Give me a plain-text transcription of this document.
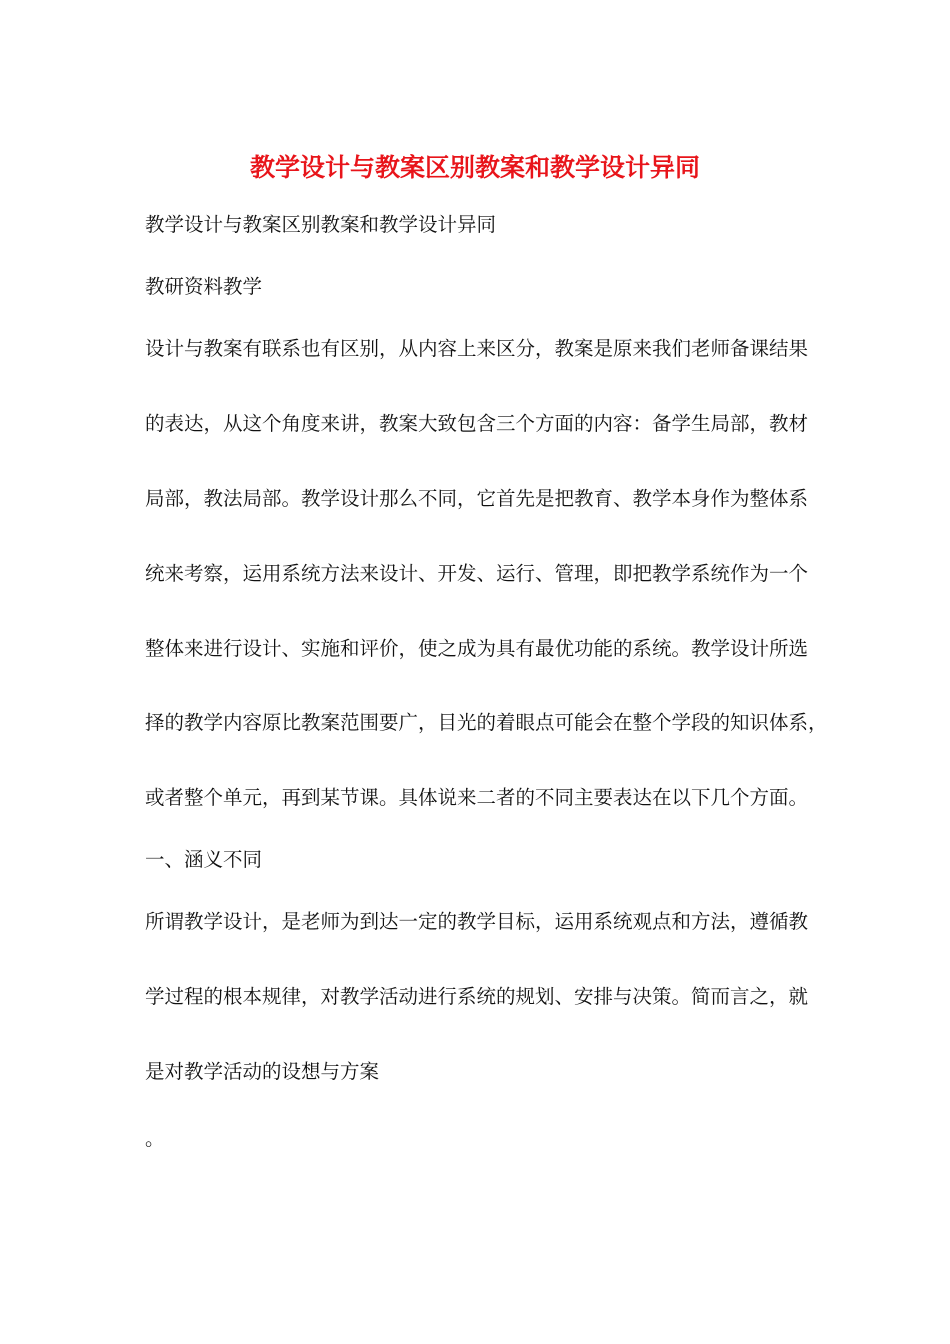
教学设计与教案区别教案和教学设计异同

教学设计与教案区别教案和教学设计异同

教研资料教学

设计与教案有联系也有区别，从内容上来区分，教案是原来我们老师备课结果

的表达，从这个角度来讲，教案大致包含三个方面的内容：备学生局部，教材

局部，教法局部。教学设计那么不同，它首先是把教育、教学本身作为整体系

统来考察，运用系统方法来设计、开发、运行、管理，即把教学系统作为一个

整体来进行设计、实施和评价，使之成为具有最优功能的系统。教学设计所选

择的教学内容原比教案范围要广，目光的着眼点可能会在整个学段的知识体系，

或者整个单元，再到某节课。具体说来二者的不同主要表达在以下几个方面。

一、涵义不同

所谓教学设计，是老师为到达一定的教学目标，运用系统观点和方法，遵循教

学过程的根本规律，对教学活动进行系统的规划、安排与决策。简而言之，就

是对教学活动的设想与方案

。
